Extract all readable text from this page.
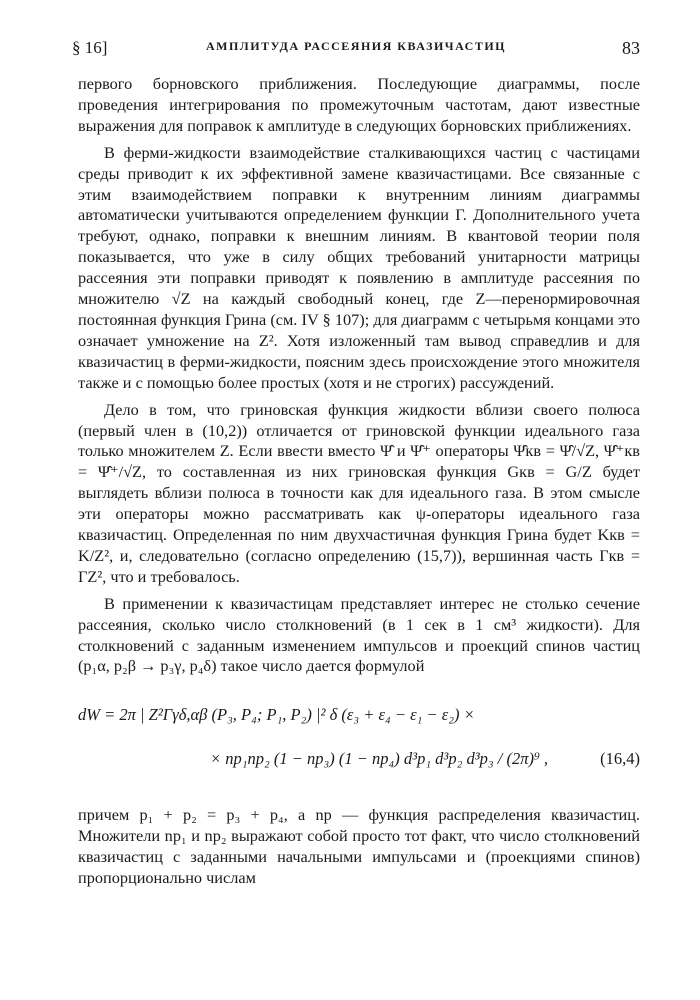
§ 16]	АМПЛИТУДА РАССЕЯНИЯ КВАЗИЧАСТИЦ	83

первого борновского приближения. Последующие диаграммы, после проведения интегрирования по промежуточным частотам, дают известные выражения для поправок к амплитуде в следующих борновских приближениях.

В ферми-жидкости взаимодействие сталкивающихся частиц с частицами среды приводит к их эффективной замене квазичастицами. Все связанные с этим взаимодействием поправки к внутренним линиям диаграммы автоматически учитываются определением функции Г. Дополнительного учета требуют, однако, поправки к внешним линиям. В квантовой теории поля показывается, что уже в силу общих требований унитарности матрицы рассеяния эти поправки приводят к появлению в амплитуде рассеяния по множителю √Z на каждый свободный конец, где Z—перенормировочная постоянная функция Грина (см. IV § 107); для диаграмм с четырьмя концами это означает умножение на Z². Хотя изложенный там вывод справедлив и для квазичастиц в ферми-жидкости, поясним здесь происхождение этого множителя также и с помощью более простых (хотя и не строгих) рассуждений.

Дело в том, что гриновская функция жидкости вблизи своего полюса (первый член в (10,2)) отличается от гриновской функции идеального газа только множителем Z. Если ввести вместо Ψ̂ и Ψ̂⁺ операторы Ψ̂кв = Ψ̂/√Z, Ψ̂⁺кв = Ψ̂⁺/√Z, то составленная из них гриновская функция Gкв = G/Z будет выглядеть вблизи полюса в точности как для идеального газа. В этом смысле эти операторы можно рассматривать как ψ-операторы идеального газа квазичастиц. Определенная по ним двухчастичная функция Грина будет Kкв = K/Z², и, следовательно (согласно определению (15,7)), вершинная часть Гкв = ГZ², что и требовалось.

В применении к квазичастицам представляет интерес не столько сечение рассеяния, сколько число столкновений (в 1 сек в 1 см³ жидкости). Для столкновений с заданным изменением импульсов и проекций спинов частиц (p₁α, p₂β → p₃γ, p₄δ) такое число дается формулой

dW = 2π | Z²Γγδ,αβ (P₃, P₄; P₁, P₂) |² δ (ε₃ + ε₄ − ε₁ − ε₂) ×
× np₁np₂ (1 − np₃) (1 − np₄) d³p₁ d³p₂ d³p₃ / (2π)⁹ ,	(16,4)

причем p₁ + p₂ = p₃ + p₄, а np — функция распределения квазичастиц. Множители np₁ и np₂ выражают собой просто тот факт, что число столкновений квазичастиц с заданными начальными импульсами и (проекциями спинов) пропорционально числам
